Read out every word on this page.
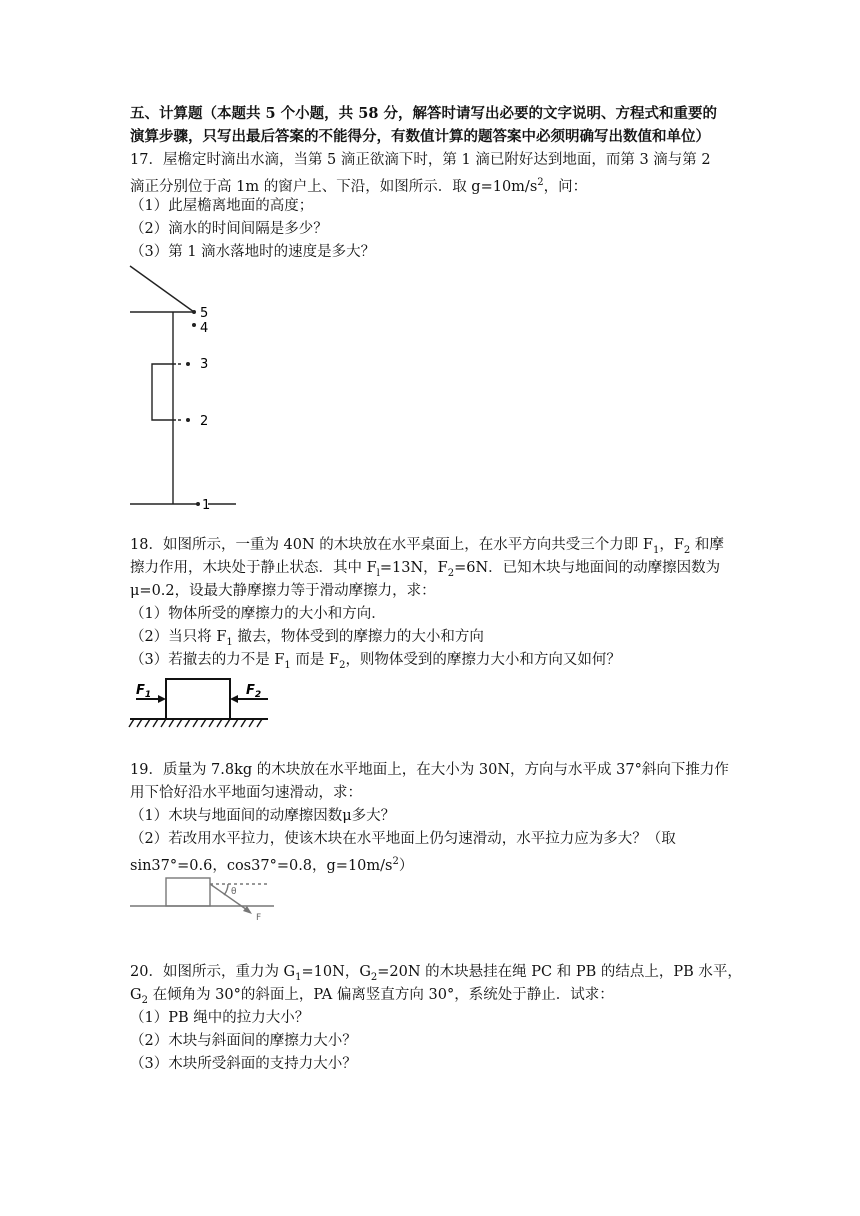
五、计算题（本题共 5 个小题，共 58 分，解答时请写出必要的文字说明、方程式和重要的
演算步骤，只写出最后答案的不能得分，有数值计算的题答案中必须明确写出数值和单位）
17．屋檐定时滴出水滴，当第 5 滴正欲滴下时，第 1 滴已附好达到地面，而第 3 滴与第 2
滴正分别位于高 1m 的窗户上、下沿，如图所示．取 $g=10m/s^2$，问：
（1）此屋檐离地面的高度；
（2）滴水的时间间隔是多少？
（3）第 1 滴水落地时的速度是多大？
5
4
3
2
1
18．如图所示，一重为 40N 的木块放在水平桌面上，在水平方向共受三个力即 $F_1$，$F_2$ 和摩
擦力作用，木块处于静止状态．其中 $F_l=13N$，$F_2=6N$．已知木块与地面间的动摩擦因数为
μ=0.2，设最大静摩擦力等于滑动摩擦力，求：
（1）物体所受的摩擦力的大小和方向．
（2）当只将 $F_1$ 撤去，物体受到的摩擦力的大小和方向
（3）若撤去的力不是 $F_1$ 而是 $F_2$，则物体受到的摩擦力大小和方向又如何？
$F_1$	$F_2$
19．质量为 7.8kg 的木块放在水平地面上，在大小为 30N，方向与水平成 37°斜向下推力作
用下恰好沿水平地面匀速滑动，求：
（1）木块与地面间的动摩擦因数μ多大？
（2）若改用水平拉力，使该木块在水平地面上仍匀速滑动，水平拉力应为多大？（取
sin37°=0.6，cos37°=0.8，$g=10m/s^2$）
θ
F
20．如图所示，重力为 $G_1=10N$，$G_2=20N$ 的木块悬挂在绳 PC 和 PB 的结点上，PB 水平，
$G_2$ 在倾角为 30°的斜面上，PA 偏离竖直方向 30°，系统处于静止．试求：
（1）PB 绳中的拉力大小？
（2）木块与斜面间的摩擦力大小？
（3）木块所受斜面的支持力大小？
